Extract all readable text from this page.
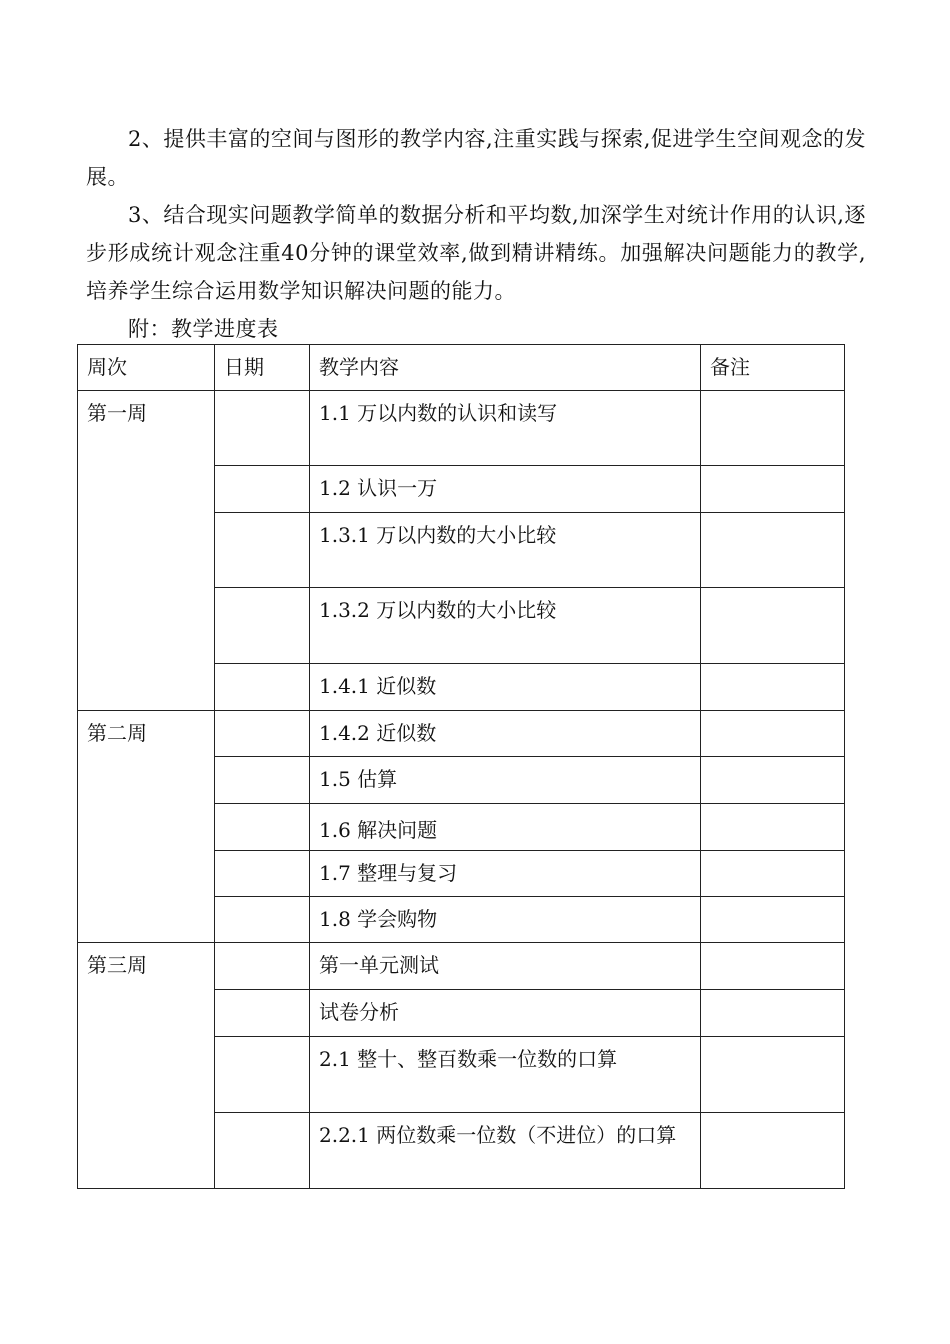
2、提供丰富的空间与图形的教学内容,注重实践与探索,促进学生空间观念的发展。

3、结合现实问题教学简单的数据分析和平均数,加深学生对统计作用的认识,逐步形成统计观念注重40分钟的课堂效率,做到精讲精练。加强解决问题能力的教学,培养学生综合运用数学知识解决问题的能力。

附：教学进度表
周次	日期	教学内容	备注
第一周		1.1 万以内数的认识和读写	
		1.2 认识一万	
		1.3.1 万以内数的大小比较	
		1.3.2 万以内数的大小比较	
		1.4.1 近似数	
第二周		1.4.2 近似数	
		1.5 估算	
		1.6 解决问题	
		1.7 整理与复习	
		1.8 学会购物	
第三周		第一单元测试	
		试卷分析	
		2.1 整十、整百数乘一位数的口算	
		2.2.1 两位数乘一位数（不进位）的口算	
